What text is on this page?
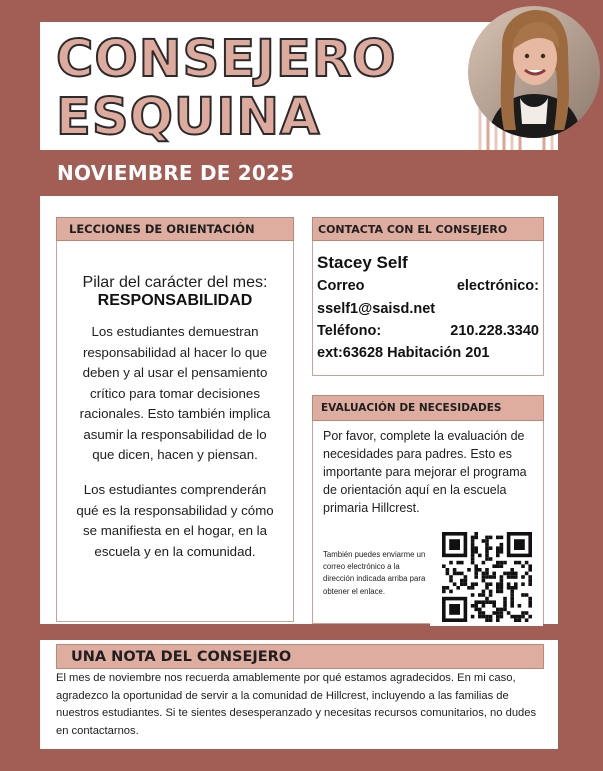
CONSEJERO
ESQUINA
NOVIEMBRE DE 2025
LECCIONES DE ORIENTACIÓN
Pilar del carácter del mes:
RESPONSABILIDAD
Los estudiantes demuestran responsabilidad al hacer lo que deben y al usar el pensamiento crítico para tomar decisiones racionales. Esto también implica asumir la responsabilidad de lo que dicen, hacen y piensan.
Los estudiantes comprenderán qué es la responsabilidad y cómo se manifiesta en el hogar, en la escuela y en la comunidad.
CONTACTA CON EL CONSEJERO
Stacey Self
Correo	electrónico:
sself1@saisd.net
Teléfono:	210.228.3340
ext:63628 Habitación 201
EVALUACIÓN DE NECESIDADES
Por favor, complete la evaluación de necesidades para padres. Esto es importante para mejorar el programa de orientación aquí en la escuela primaria Hillcrest.
También puedes enviarme un correo electrónico a la dirección indicada arriba para obtener el enlace.
UNA NOTA DEL CONSEJERO
El mes de noviembre nos recuerda amablemente por qué estamos agradecidos. En mi caso, agradezco la oportunidad de servir a la comunidad de Hillcrest, incluyendo a las familias de nuestros estudiantes. Si te sientes desesperanzado y necesitas recursos comunitarios, no dudes en contactarnos.
